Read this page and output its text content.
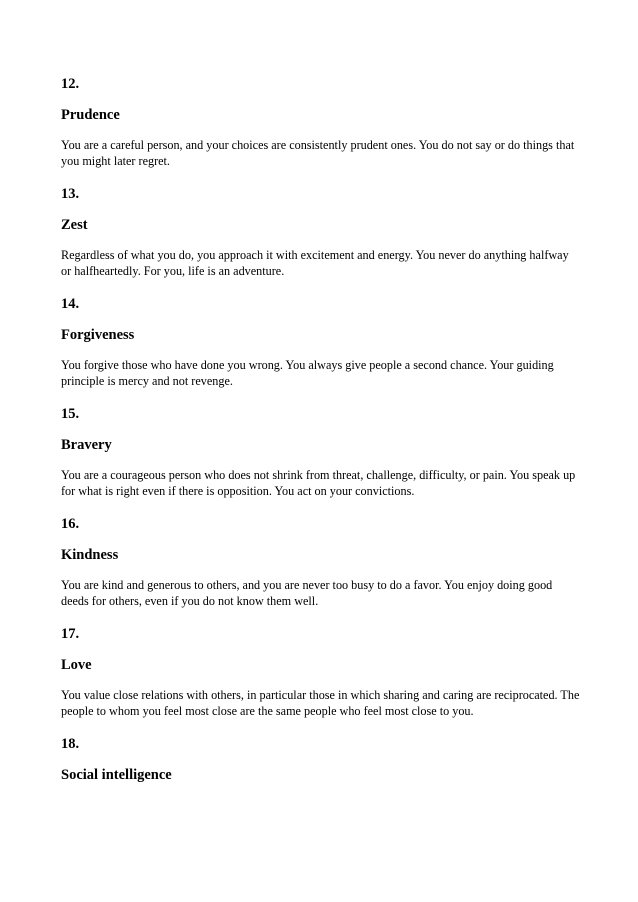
12.

Prudence

You are a careful person, and your choices are consistently prudent ones. You do not say or do things that you might later regret.

13.

Zest

Regardless of what you do, you approach it with excitement and energy. You never do anything halfway or halfheartedly. For you, life is an adventure.

14.

Forgiveness

You forgive those who have done you wrong. You always give people a second chance. Your guiding principle is mercy and not revenge.

15.

Bravery

You are a courageous person who does not shrink from threat, challenge, difficulty, or pain. You speak up for what is right even if there is opposition. You act on your convictions.

16.

Kindness

You are kind and generous to others, and you are never too busy to do a favor. You enjoy doing good deeds for others, even if you do not know them well.

17.

Love

You value close relations with others, in particular those in which sharing and caring are reciprocated. The people to whom you feel most close are the same people who feel most close to you.

18.

Social intelligence
